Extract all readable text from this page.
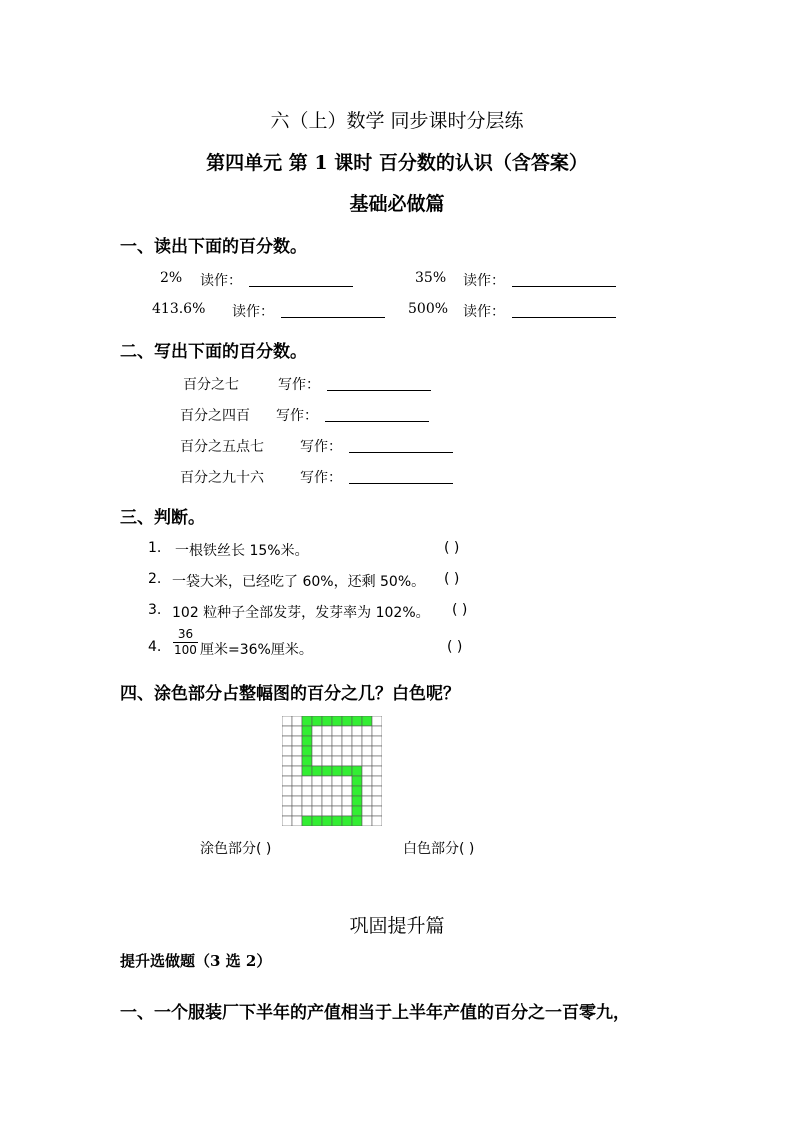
六（上）数学 同步课时分层练
第四单元 第 1 课时 百分数的认识（含答案）
基础必做篇
一、读出下面的百分数。
2% 读作：	35% 读作：
413.6% 读作：	500% 读作：
二、写出下面的百分数。
百分之七	写作：
百分之四百 写作：
百分之五点七	写作：
百分之九十六	写作：
三、判断。
1. 一根铁丝长 15%米。	( )
2. 一袋大米，已经吃了 60%，还剩 50%。 ( )
3. 102 粒种子全部发芽，发芽率为 102%。 ( )
4. $\frac{36}{100}$ 厘米=36%厘米。	( )
四、涂色部分占整幅图的百分之几？白色呢？
涂色部分( )	白色部分( )
巩固提升篇
提升选做题（3 选 2）
一、一个服装厂下半年的产值相当于上半年产值的百分之一百零九，
